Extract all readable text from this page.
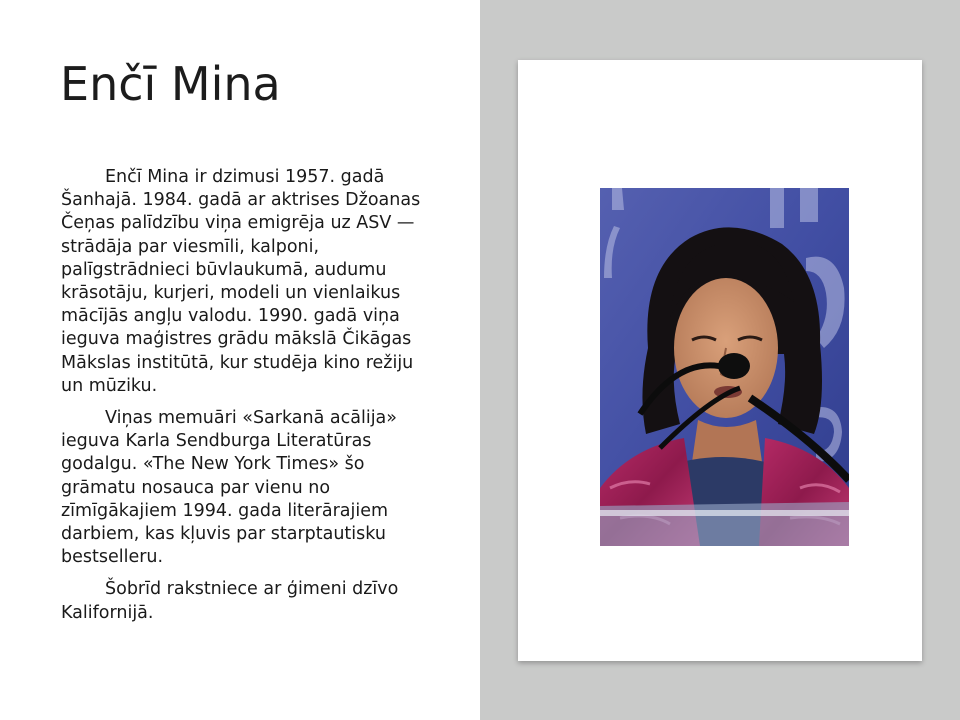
Enčī Mina

Enčī Mina ir dzimusi 1957. gadā Šanhajā. 1984. gadā ar aktrises Džoanas Čeņas palīdzību viņa emigrēja uz ASV — strādāja par viesmīli, kalponi, palīgstrādnieci būvlaukumā, audumu krāsotāju, kurjeri, modeli un vienlaikus mācījās angļu valodu. 1990. gadā viņa ieguva maģistres grādu mākslā Čikāgas Mākslas institūtā, kur studēja kino režiju un mūziku.

Viņas memuāri «Sarkanā acālija» ieguva Karla Sendburga Literatūras godalgu. «The New York Times» šo grāmatu nosauca par vienu no zīmīgākajiem 1994. gada literārajiem darbiem, kas kļuvis par starptautisku bestselleru.

Šobrīd rakstniece ar ģimeni dzīvo Kalifornijā.
